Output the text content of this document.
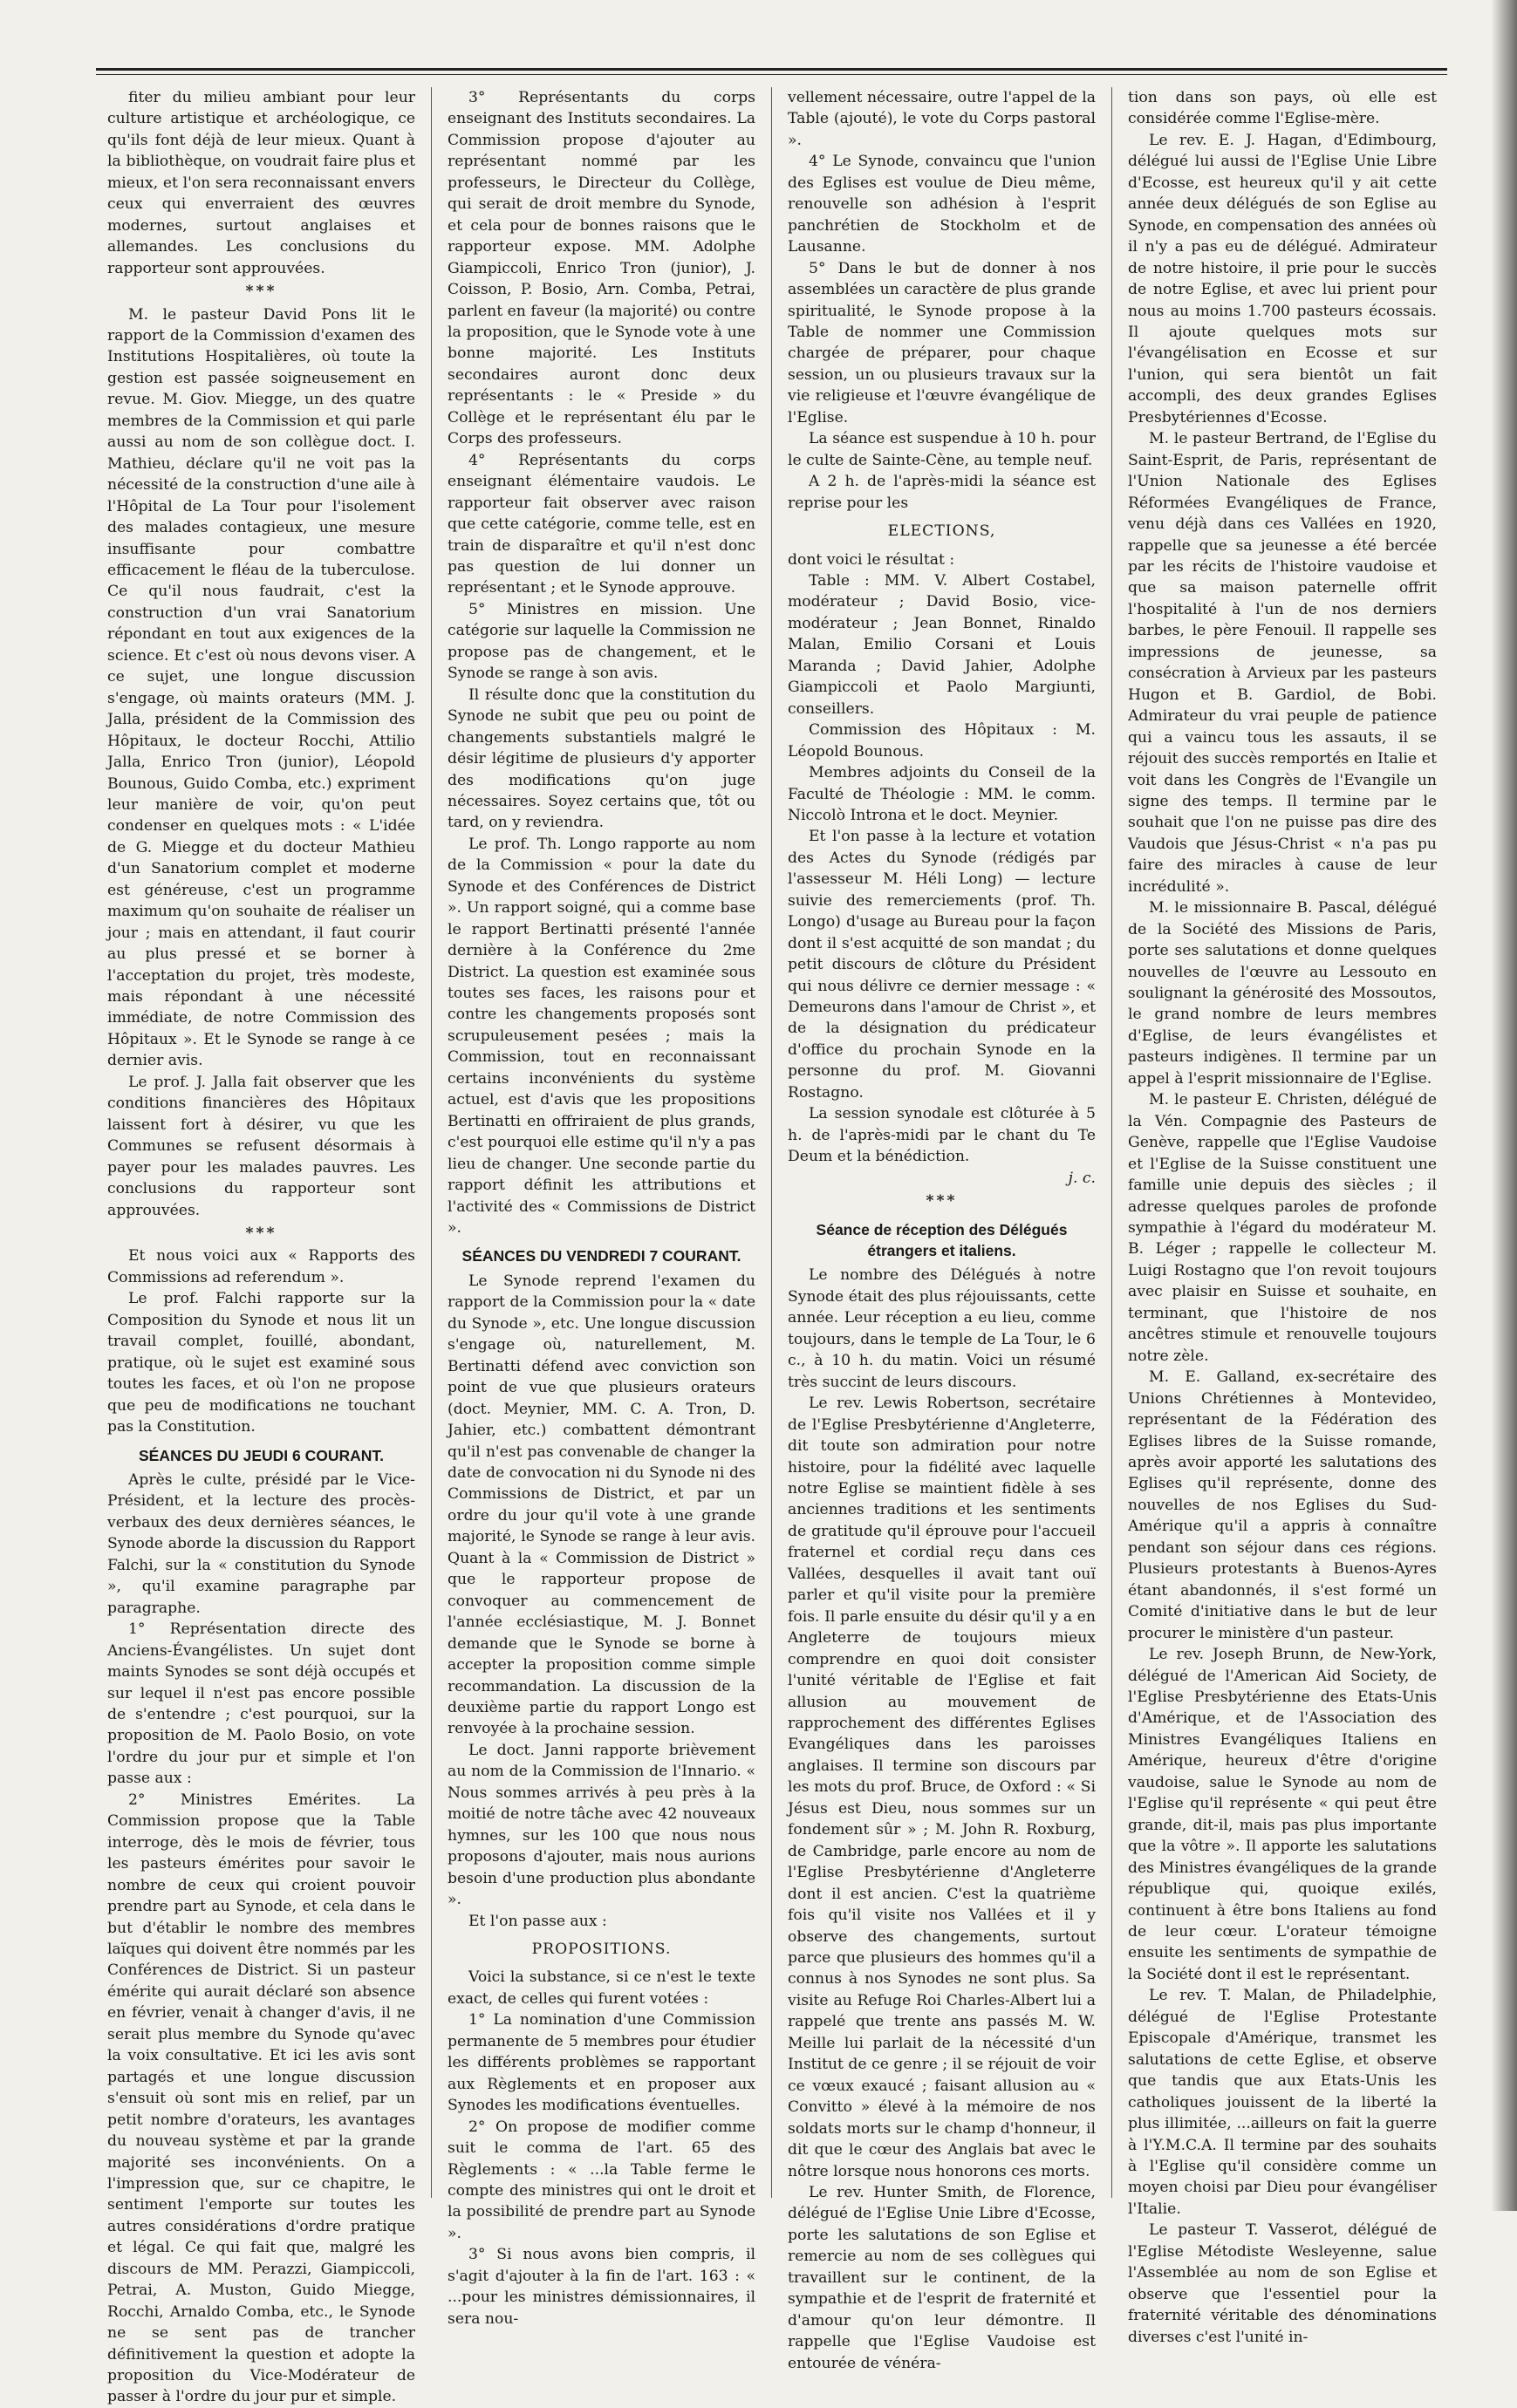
fiter du milieu ambiant pour leur culture artistique et archéologique, ce qu'ils font déjà de leur mieux. Quant à la bibliothèque, on voudrait faire plus et mieux, et l'on sera reconnaissant envers ceux qui enverraient des œuvres modernes, surtout anglaises et allemandes. Les conclusions du rapporteur sont approuvées.

***

M. le pasteur David Pons lit le rapport de la Commission d'examen des Institutions Hospitalières, où toute la gestion est passée soigneusement en revue. M. Giov. Miegge, un des quatre membres de la Commission et qui parle aussi au nom de son collègue doct. I. Mathieu, déclare qu'il ne voit pas la nécessité de la construction d'une aile à l'Hôpital de La Tour pour l'isolement des malades contagieux, une mesure insuffisante pour combattre efficacement le fléau de la tuberculose. Ce qu'il nous faudrait, c'est la construction d'un vrai Sanatorium répondant en tout aux exigences de la science. Et c'est où nous devons viser. A ce sujet, une longue discussion s'engage, où maints orateurs (MM. J. Jalla, président de la Commission des Hôpitaux, le docteur Rocchi, Attilio Jalla, Enrico Tron (junior), Léopold Bounous, Guido Comba, etc.) expriment leur manière de voir, qu'on peut condenser en quelques mots : « L'idée de G. Miegge et du docteur Mathieu d'un Sanatorium complet et moderne est généreuse, c'est un programme maximum qu'on souhaite de réaliser un jour ; mais en attendant, il faut courir au plus pressé et se borner à l'acceptation du projet, très modeste, mais répondant à une nécessité immédiate, de notre Commission des Hôpitaux ». Et le Synode se range à ce dernier avis.

Le prof. J. Jalla fait observer que les conditions financières des Hôpitaux laissent fort à désirer, vu que les Communes se refusent désormais à payer pour les malades pauvres. Les conclusions du rapporteur sont approuvées.

***

Et nous voici aux « Rapports des Commissions ad referendum ».

Le prof. Falchi rapporte sur la Composition du Synode et nous lit un travail complet, fouillé, abondant, pratique, où le sujet est examiné sous toutes les faces, et où l'on ne propose que peu de modifications ne touchant pas la Constitution.

SÉANCES DU JEUDI 6 COURANT.

Après le culte, présidé par le Vice-Président, et la lecture des procès-verbaux des deux dernières séances, le Synode aborde la discussion du Rapport Falchi, sur la « constitution du Synode », qu'il examine paragraphe par paragraphe.

1° Représentation directe des Anciens-Évangélistes. Un sujet dont maints Synodes se sont déjà occupés et sur lequel il n'est pas encore possible de s'entendre ; c'est pourquoi, sur la proposition de M. Paolo Bosio, on vote l'ordre du jour pur et simple et l'on passe aux :

2° Ministres Emérites. La Commission propose que la Table interroge, dès le mois de février, tous les pasteurs émérites pour savoir le nombre de ceux qui croient pouvoir prendre part au Synode, et cela dans le but d'établir le nombre des membres laïques qui doivent être nommés par les Conférences de District. Si un pasteur émérite qui aurait déclaré son absence en février, venait à changer d'avis, il ne serait plus membre du Synode qu'avec la voix consultative. Et ici les avis sont partagés et une longue discussion s'ensuit où sont mis en relief, par un petit nombre d'orateurs, les avantages du nouveau système et par la grande majorité ses inconvénients. On a l'impression que, sur ce chapitre, le sentiment l'emporte sur toutes les autres considérations d'ordre pratique et légal. Ce qui fait que, malgré les discours de MM. Perazzi, Giampiccoli, Petrai, A. Muston, Guido Miegge, Rocchi, Arnaldo Comba, etc., le Synode ne se sent pas de trancher définitivement la question et adopte la proposition du Vice-Modérateur de passer à l'ordre du jour pur et simple.

3° Représentants du corps enseignant des Instituts secondaires. La Commission propose d'ajouter au représentant nommé par les professeurs, le Directeur du Collège, qui serait de droit membre du Synode, et cela pour de bonnes raisons que le rapporteur expose. MM. Adolphe Giampiccoli, Enrico Tron (junior), J. Coisson, P. Bosio, Arn. Comba, Petrai, parlent en faveur (la majorité) ou contre la proposition, que le Synode vote à une bonne majorité. Les Instituts secondaires auront donc deux représentants : le « Preside » du Collège et le représentant élu par le Corps des professeurs.

4° Représentants du corps enseignant élémentaire vaudois. Le rapporteur fait observer avec raison que cette catégorie, comme telle, est en train de disparaître et qu'il n'est donc pas question de lui donner un représentant ; et le Synode approuve.

5° Ministres en mission. Une catégorie sur laquelle la Commission ne propose pas de changement, et le Synode se range à son avis.

Il résulte donc que la constitution du Synode ne subit que peu ou point de changements substantiels malgré le désir légitime de plusieurs d'y apporter des modifications qu'on juge nécessaires. Soyez certains que, tôt ou tard, on y reviendra.

Le prof. Th. Longo rapporte au nom de la Commission « pour la date du Synode et des Conférences de District ». Un rapport soigné, qui a comme base le rapport Bertinatti présenté l'année dernière à la Conférence du 2me District. La question est examinée sous toutes ses faces, les raisons pour et contre les changements proposés sont scrupuleusement pesées ; mais la Commission, tout en reconnaissant certains inconvénients du système actuel, est d'avis que les propositions Bertinatti en offriraient de plus grands, c'est pourquoi elle estime qu'il n'y a pas lieu de changer. Une seconde partie du rapport définit les attributions et l'activité des « Commissions de District ».

SÉANCES DU VENDREDI 7 COURANT.

Le Synode reprend l'examen du rapport de la Commission pour la « date du Synode », etc. Une longue discussion s'engage où, naturellement, M. Bertinatti défend avec conviction son point de vue que plusieurs orateurs (doct. Meynier, MM. C. A. Tron, D. Jahier, etc.) combattent démontrant qu'il n'est pas convenable de changer la date de convocation ni du Synode ni des Commissions de District, et par un ordre du jour qu'il vote à une grande majorité, le Synode se range à leur avis. Quant à la « Commission de District » que le rapporteur propose de convoquer au commencement de l'année ecclésiastique, M. J. Bonnet demande que le Synode se borne à accepter la proposition comme simple recommandation. La discussion de la deuxième partie du rapport Longo est renvoyée à la prochaine session.

Le doct. Janni rapporte brièvement au nom de la Commission de l'Innario. « Nous sommes arrivés à peu près à la moitié de notre tâche avec 42 nouveaux hymnes, sur les 100 que nous nous proposons d'ajouter, mais nous aurions besoin d'une production plus abondante ».

Et l'on passe aux :

PROPOSITIONS.

Voici la substance, si ce n'est le texte exact, de celles qui furent votées :

1° La nomination d'une Commission permanente de 5 membres pour étudier les différents problèmes se rapportant aux Règlements et en proposer aux Synodes les modifications éventuelles.

2° On propose de modifier comme suit le comma de l'art. 65 des Règlements : « ...la Table ferme le compte des ministres qui ont le droit et la possibilité de prendre part au Synode ».

3° Si nous avons bien compris, il s'agit d'ajouter à la fin de l'art. 163 : « ...pour les ministres démissionnaires, il sera nou-

vellement nécessaire, outre l'appel de la Table (ajouté), le vote du Corps pastoral ».

4° Le Synode, convaincu que l'union des Eglises est voulue de Dieu même, renouvelle son adhésion à l'esprit panchrétien de Stockholm et de Lausanne.

5° Dans le but de donner à nos assemblées un caractère de plus grande spiritualité, le Synode propose à la Table de nommer une Commission chargée de préparer, pour chaque session, un ou plusieurs travaux sur la vie religieuse et l'œuvre évangélique de l'Eglise.

La séance est suspendue à 10 h. pour le culte de Sainte-Cène, au temple neuf.

A 2 h. de l'après-midi la séance est reprise pour les

ELECTIONS,

dont voici le résultat :

Table : MM. V. Albert Costabel, modérateur ; David Bosio, vice-modérateur ; Jean Bonnet, Rinaldo Malan, Emilio Corsani et Louis Maranda ; David Jahier, Adolphe Giampiccoli et Paolo Margiunti, conseillers.

Commission des Hôpitaux : M. Léopold Bounous.

Membres adjoints du Conseil de la Faculté de Théologie : MM. le comm. Niccolò Introna et le doct. Meynier.

Et l'on passe à la lecture et votation des Actes du Synode (rédigés par l'assesseur M. Héli Long) — lecture suivie des remerciements (prof. Th. Longo) d'usage au Bureau pour la façon dont il s'est acquitté de son mandat ; du petit discours de clôture du Président qui nous délivre ce dernier message : « Demeurons dans l'amour de Christ », et de la désignation du prédicateur d'office du prochain Synode en la personne du prof. M. Giovanni Rostagno.

La session synodale est clôturée à 5 h. de l'après-midi par le chant du Te Deum et la bénédiction.

j. c.

***

Séance de réception des Délégués étrangers et italiens.

Le nombre des Délégués à notre Synode était des plus réjouissants, cette année. Leur réception a eu lieu, comme toujours, dans le temple de La Tour, le 6 c., à 10 h. du matin. Voici un résumé très succint de leurs discours.

Le rev. Lewis Robertson, secrétaire de l'Eglise Presbytérienne d'Angleterre, dit toute son admiration pour notre histoire, pour la fidélité avec laquelle notre Eglise se maintient fidèle à ses anciennes traditions et les sentiments de gratitude qu'il éprouve pour l'accueil fraternel et cordial reçu dans ces Vallées, desquelles il avait tant ouï parler et qu'il visite pour la première fois. Il parle ensuite du désir qu'il y a en Angleterre de toujours mieux comprendre en quoi doit consister l'unité véritable de l'Eglise et fait allusion au mouvement de rapprochement des différentes Eglises Evangéliques dans les paroisses anglaises. Il termine son discours par les mots du prof. Bruce, de Oxford : « Si Jésus est Dieu, nous sommes sur un fondement sûr » ; M. John R. Roxburg, de Cambridge, parle encore au nom de l'Eglise Presbytérienne d'Angleterre dont il est ancien. C'est la quatrième fois qu'il visite nos Vallées et il y observe des changements, surtout parce que plusieurs des hommes qu'il a connus à nos Synodes ne sont plus. Sa visite au Refuge Roi Charles-Albert lui a rappelé que trente ans passés M. W. Meille lui parlait de la nécessité d'un Institut de ce genre ; il se réjouit de voir ce vœux exaucé ; faisant allusion au « Convitto » élevé à la mémoire de nos soldats morts sur le champ d'honneur, il dit que le cœur des Anglais bat avec le nôtre lorsque nous honorons ces morts.

Le rev. Hunter Smith, de Florence, délégué de l'Eglise Unie Libre d'Ecosse, porte les salutations de son Eglise et remercie au nom de ses collègues qui travaillent sur le continent, de la sympathie et de l'esprit de fraternité et d'amour qu'on leur démontre. Il rappelle que l'Eglise Vaudoise est entourée de vénéra-

tion dans son pays, où elle est considérée comme l'Eglise-mère.

Le rev. E. J. Hagan, d'Edimbourg, délégué lui aussi de l'Eglise Unie Libre d'Ecosse, est heureux qu'il y ait cette année deux délégués de son Eglise au Synode, en compensation des années où il n'y a pas eu de délégué. Admirateur de notre histoire, il prie pour le succès de notre Eglise, et avec lui prient pour nous au moins 1.700 pasteurs écossais. Il ajoute quelques mots sur l'évangélisation en Ecosse et sur l'union, qui sera bientôt un fait accompli, des deux grandes Eglises Presbytériennes d'Ecosse.

M. le pasteur Bertrand, de l'Eglise du Saint-Esprit, de Paris, représentant de l'Union Nationale des Eglises Réformées Evangéliques de France, venu déjà dans ces Vallées en 1920, rappelle que sa jeunesse a été bercée par les récits de l'histoire vaudoise et que sa maison paternelle offrit l'hospitalité à l'un de nos derniers barbes, le père Fenouil. Il rappelle ses impressions de jeunesse, sa consécration à Arvieux par les pasteurs Hugon et B. Gardiol, de Bobi. Admirateur du vrai peuple de patience qui a vaincu tous les assauts, il se réjouit des succès remportés en Italie et voit dans les Congrès de l'Evangile un signe des temps. Il termine par le souhait que l'on ne puisse pas dire des Vaudois que Jésus-Christ « n'a pas pu faire des miracles à cause de leur incrédulité ».

M. le missionnaire B. Pascal, délégué de la Société des Missions de Paris, porte ses salutations et donne quelques nouvelles de l'œuvre au Lessouto en soulignant la générosité des Mossoutos, le grand nombre de leurs membres d'Eglise, de leurs évangélistes et pasteurs indigènes. Il termine par un appel à l'esprit missionnaire de l'Eglise.

M. le pasteur E. Christen, délégué de la Vén. Compagnie des Pasteurs de Genève, rappelle que l'Eglise Vaudoise et l'Eglise de la Suisse constituent une famille unie depuis des siècles ; il adresse quelques paroles de profonde sympathie à l'égard du modérateur M. B. Léger ; rappelle le collecteur M. Luigi Rostagno que l'on revoit toujours avec plaisir en Suisse et souhaite, en terminant, que l'histoire de nos ancêtres stimule et renouvelle toujours notre zèle.

M. E. Galland, ex-secrétaire des Unions Chrétiennes à Montevideo, représentant de la Fédération des Eglises libres de la Suisse romande, après avoir apporté les salutations des Eglises qu'il représente, donne des nouvelles de nos Eglises du Sud-Amérique qu'il a appris à connaître pendant son séjour dans ces régions. Plusieurs protestants à Buenos-Ayres étant abandonnés, il s'est formé un Comité d'initiative dans le but de leur procurer le ministère d'un pasteur.

Le rev. Joseph Brunn, de New-York, délégué de l'American Aid Society, de l'Eglise Presbytérienne des Etats-Unis d'Amérique, et de l'Association des Ministres Evangéliques Italiens en Amérique, heureux d'être d'origine vaudoise, salue le Synode au nom de l'Eglise qu'il représente « qui peut être grande, dit-il, mais pas plus importante que la vôtre ». Il apporte les salutations des Ministres évangéliques de la grande république qui, quoique exilés, continuent à être bons Italiens au fond de leur cœur. L'orateur témoigne ensuite les sentiments de sympathie de la Société dont il est le représentant.

Le rev. T. Malan, de Philadelphie, délégué de l'Eglise Protestante Episcopale d'Amérique, transmet les salutations de cette Eglise, et observe que tandis que aux Etats-Unis les catholiques jouissent de la liberté la plus illimitée, ...ailleurs on fait la guerre à l'Y.M.C.A. Il termine par des souhaits à l'Eglise qu'il considère comme un moyen choisi par Dieu pour évangéliser l'Italie.

Le pasteur T. Vasserot, délégué de l'Eglise Métodiste Wesleyenne, salue l'Assemblée au nom de son Eglise et observe que l'essentiel pour la fraternité véritable des dénominations diverses c'est l'unité in-
